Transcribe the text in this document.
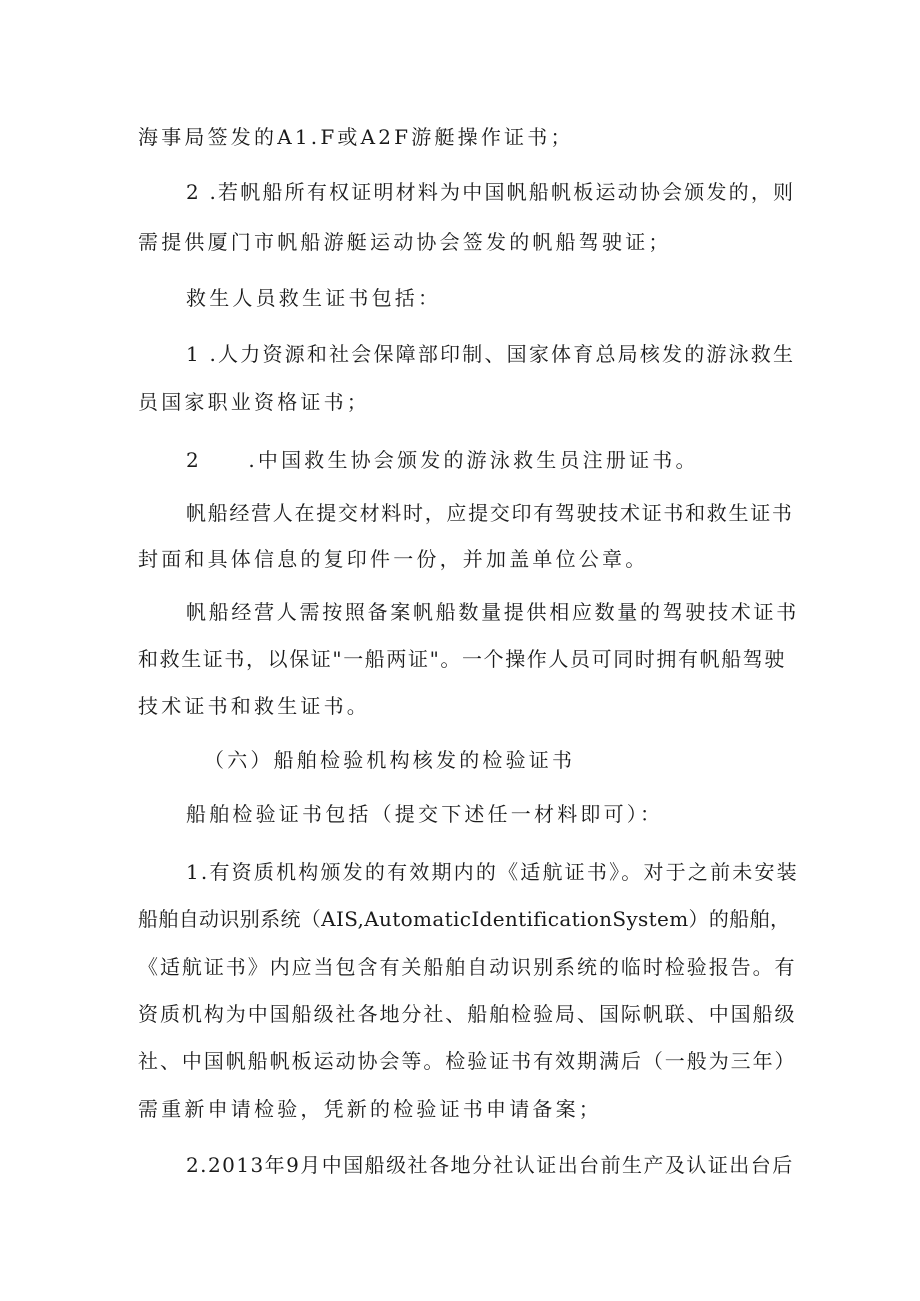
海事局签发的A1.F或A2F游艇操作证书；
2 .若帆船所有权证明材料为中国帆船帆板运动协会颁发的，则
需提供厦门市帆船游艇运动协会签发的帆船驾驶证；
救生人员救生证书包括：
1 .人力资源和社会保障部印制、国家体育总局核发的游泳救生
员国家职业资格证书；
2　　.中国救生协会颁发的游泳救生员注册证书。
帆船经营人在提交材料时，应提交印有驾驶技术证书和救生证书
封面和具体信息的复印件一份，并加盖单位公章。
帆船经营人需按照备案帆船数量提供相应数量的驾驶技术证书
和救生证书，以保证"一船两证"。一个操作人员可同时拥有帆船驾驶
技术证书和救生证书。
（六）船舶检验机构核发的检验证书
船舶检验证书包括（提交下述任一材料即可）：
1.有资质机构颁发的有效期内的《适航证书》。对于之前未安装
船舶自动识别系统（AIS,AutomaticIdentificationSystem）的船舶，
《适航证书》内应当包含有关船舶自动识别系统的临时检验报告。有
资质机构为中国船级社各地分社、船舶检验局、国际帆联、中国船级
社、中国帆船帆板运动协会等。检验证书有效期满后（一般为三年）
需重新申请检验，凭新的检验证书申请备案；
2.2013年9月中国船级社各地分社认证出台前生产及认证出台后
